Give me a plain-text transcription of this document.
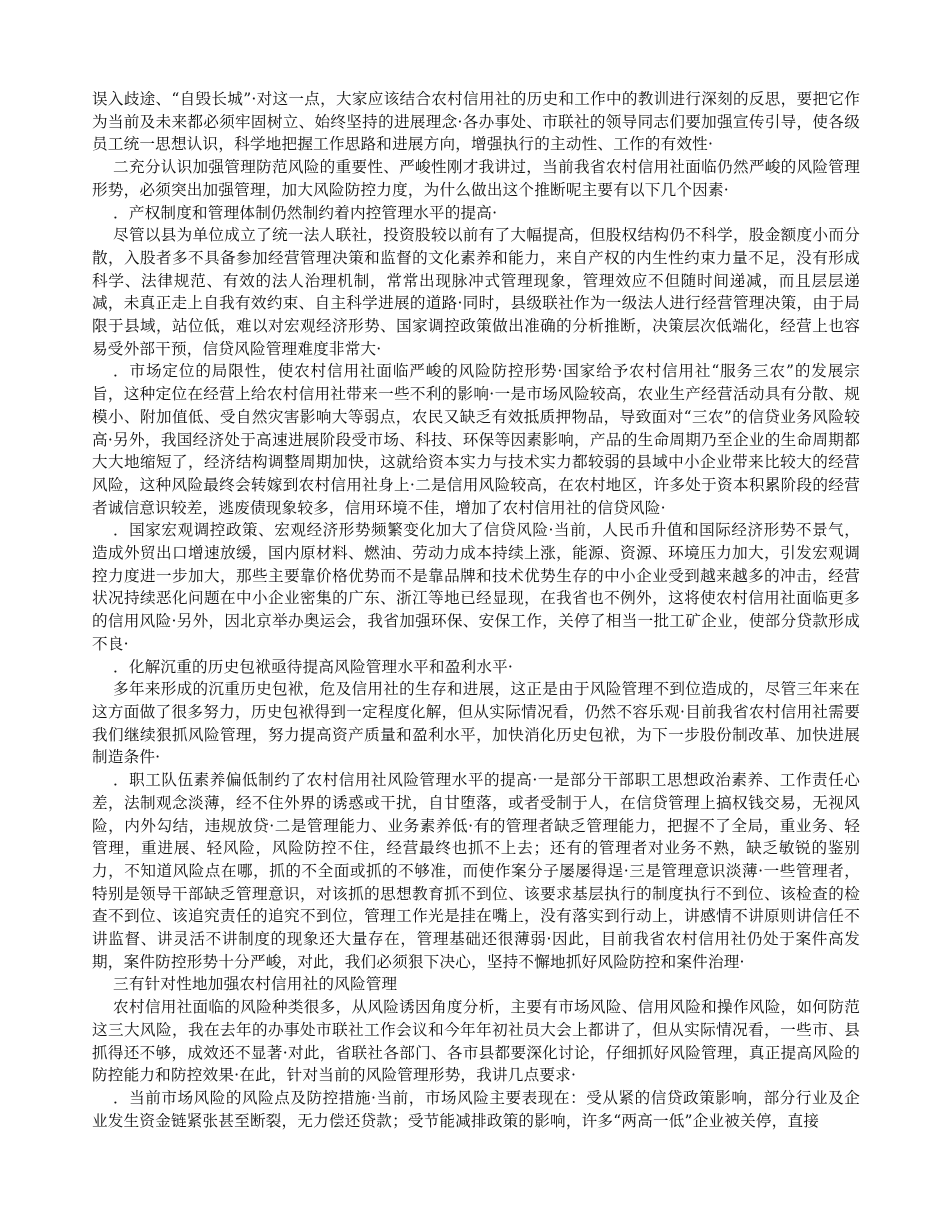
误入歧途、“自毁长城”·对这一点，大家应该结合农村信用社的历史和工作中的教训进行深刻的反思，要把它作为当前及未来都必须牢固树立、始终坚持的进展理念·各办事处、市联社的领导同志们要加强宣传引导，使各级员工统一思想认识，科学地把握工作思路和进展方向，增强执行的主动性、工作的有效性·

二充分认识加强管理防范风险的重要性、严峻性刚才我讲过，当前我省农村信用社面临仍然严峻的风险管理形势，必须突出加强管理，加大风险防控力度，为什么做出这个推断呢主要有以下几个因素·

．产权制度和管理体制仍然制约着内控管理水平的提高·

尽管以县为单位成立了统一法人联社，投资股较以前有了大幅提高，但股权结构仍不科学，股金额度小而分散，入股者多不具备参加经营管理决策和监督的文化素养和能力，来自产权的内生性约束力量不足，没有形成科学、法律规范、有效的法人治理机制，常常出现脉冲式管理现象，管理效应不但随时间递减，而且层层递减，未真正走上自我有效约束、自主科学进展的道路·同时，县级联社作为一级法人进行经营管理决策，由于局限于县域，站位低，难以对宏观经济形势、国家调控政策做出准确的分析推断，决策层次低端化，经营上也容易受外部干预，信贷风险管理难度非常大·

．市场定位的局限性，使农村信用社面临严峻的风险防控形势·国家给予农村信用社“服务三农”的发展宗旨，这种定位在经营上给农村信用社带来一些不利的影响·一是市场风险较高，农业生产经营活动具有分散、规模小、附加值低、受自然灾害影响大等弱点，农民又缺乏有效抵质押物品，导致面对“三农”的信贷业务风险较高·另外，我国经济处于高速进展阶段受市场、科技、环保等因素影响，产品的生命周期乃至企业的生命周期都大大地缩短了，经济结构调整周期加快，这就给资本实力与技术实力都较弱的县域中小企业带来比较大的经营风险，这种风险最终会转嫁到农村信用社身上·二是信用风险较高，在农村地区，许多处于资本积累阶段的经营者诚信意识较差，逃废债现象较多，信用环境不佳，增加了农村信用社的信贷风险·

．国家宏观调控政策、宏观经济形势频繁变化加大了信贷风险·当前，人民币升值和国际经济形势不景气，造成外贸出口增速放缓，国内原材料、燃油、劳动力成本持续上涨，能源、资源、环境压力加大，引发宏观调控力度进一步加大，那些主要靠价格优势而不是靠品牌和技术优势生存的中小企业受到越来越多的冲击，经营状况持续恶化问题在中小企业密集的广东、浙江等地已经显现，在我省也不例外，这将使农村信用社面临更多的信用风险·另外，因北京举办奥运会，我省加强环保、安保工作，关停了相当一批工矿企业，使部分贷款形成不良·

．化解沉重的历史包袱亟待提高风险管理水平和盈利水平·

多年来形成的沉重历史包袱，危及信用社的生存和进展，这正是由于风险管理不到位造成的，尽管三年来在这方面做了很多努力，历史包袱得到一定程度化解，但从实际情况看，仍然不容乐观·目前我省农村信用社需要我们继续狠抓风险管理，努力提高资产质量和盈利水平，加快消化历史包袱，为下一步股份制改革、加快进展制造条件·

．职工队伍素养偏低制约了农村信用社风险管理水平的提高·一是部分干部职工思想政治素养、工作责任心差，法制观念淡薄，经不住外界的诱惑或干扰，自甘堕落，或者受制于人，在信贷管理上搞权钱交易，无视风险，内外勾结，违规放贷·二是管理能力、业务素养低·有的管理者缺乏管理能力，把握不了全局，重业务、轻管理，重进展、轻风险，风险防控不住，经营最终也抓不上去；还有的管理者对业务不熟，缺乏敏锐的鉴别力，不知道风险点在哪，抓的不全面或抓的不够准，而使作案分子屡屡得逞·三是管理意识淡薄·一些管理者，特别是领导干部缺乏管理意识，对该抓的思想教育抓不到位、该要求基层执行的制度执行不到位、该检查的检查不到位、该追究责任的追究不到位，管理工作光是挂在嘴上，没有落实到行动上，讲感情不讲原则讲信任不讲监督、讲灵活不讲制度的现象还大量存在，管理基础还很薄弱·因此，目前我省农村信用社仍处于案件高发期，案件防控形势十分严峻，对此，我们必须狠下决心，坚持不懈地抓好风险防控和案件治理·

三有针对性地加强农村信用社的风险管理

农村信用社面临的风险种类很多，从风险诱因角度分析，主要有市场风险、信用风险和操作风险，如何防范这三大风险，我在去年的办事处市联社工作会议和今年年初社员大会上都讲了，但从实际情况看，一些市、县抓得还不够，成效还不显著·对此，省联社各部门、各市县都要深化讨论，仔细抓好风险管理，真正提高风险的防控能力和防控效果·在此，针对当前的风险管理形势，我讲几点要求·

．当前市场风险的风险点及防控措施·当前，市场风险主要表现在：受从紧的信贷政策影响，部分行业及企业发生资金链紧张甚至断裂，无力偿还贷款；受节能减排政策的影响，许多“两高一低”企业被关停，直接
